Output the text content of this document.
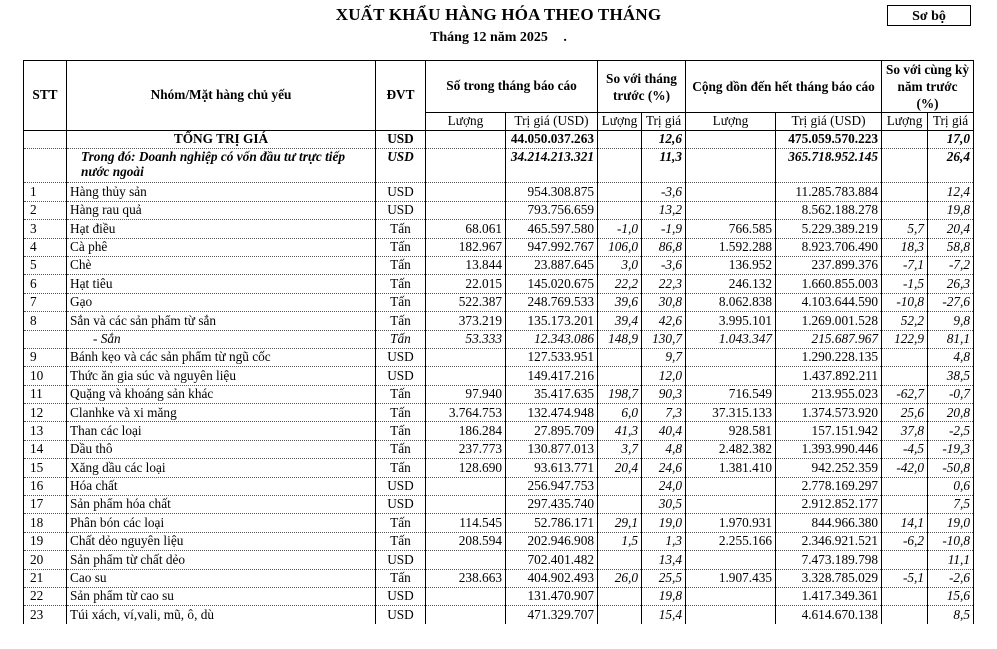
XUẤT KHẨU HÀNG HÓA THEO THÁNG
Tháng 12 năm 2025 .
Sơ bộ
STT	Nhóm/Mặt hàng chủ yếu	ĐVT	Số trong tháng báo cáo		So với tháng trước (%)		Cộng dồn đến hết tháng báo cáo		So với cùng kỳ năm trước (%)	
			Lượng	Trị giá (USD)	Lượng	Trị giá	Lượng	Trị giá (USD)	Lượng	Trị giá
	TỔNG TRỊ GIÁ	USD		44.050.037.263		12,6		475.059.570.223		17,0
	Trong đó: Doanh nghiệp có vốn đầu tư trực tiếp nước ngoài	USD		34.214.213.321		11,3		365.718.952.145		26,4
1	Hàng thủy sản	USD		954.308.875		-3,6		11.285.783.884		12,4
2	Hàng rau quả	USD		793.756.659		13,2		8.562.188.278		19,8
3	Hạt điều	Tấn	68.061	465.597.580	-1,0	-1,9	766.585	5.229.389.219	5,7	20,4
4	Cà phê	Tấn	182.967	947.992.767	106,0	86,8	1.592.288	8.923.706.490	18,3	58,8
5	Chè	Tấn	13.844	23.887.645	3,0	-3,6	136.952	237.899.376	-7,1	-7,2
6	Hạt tiêu	Tấn	22.015	145.020.675	22,2	22,3	246.132	1.660.855.003	-1,5	26,3
7	Gạo	Tấn	522.387	248.769.533	39,6	30,8	8.062.838	4.103.644.590	-10,8	-27,6
8	Sắn và các sản phẩm từ sắn	Tấn	373.219	135.173.201	39,4	42,6	3.995.101	1.269.001.528	52,2	9,8
	- Sắn	Tấn	53.333	12.343.086	148,9	130,7	1.043.347	215.687.967	122,9	81,1
9	Bánh kẹo và các sản phẩm từ ngũ cốc	USD		127.533.951		9,7		1.290.228.135		4,8
10	Thức ăn gia súc và nguyên liệu	USD		149.417.216		12,0		1.437.892.211		38,5
11	Quặng và khoáng sản khác	Tấn	97.940	35.417.635	198,7	90,3	716.549	213.955.023	-62,7	-0,7
12	Clanhke và xi măng	Tấn	3.764.753	132.474.948	6,0	7,3	37.315.133	1.374.573.920	25,6	20,8
13	Than các loại	Tấn	186.284	27.895.709	41,3	40,4	928.581	157.151.942	37,8	-2,5
14	Dầu thô	Tấn	237.773	130.877.013	3,7	4,8	2.482.382	1.393.990.446	-4,5	-19,3
15	Xăng dầu các loại	Tấn	128.690	93.613.771	20,4	24,6	1.381.410	942.252.359	-42,0	-50,8
16	Hóa chất	USD		256.947.753		24,0		2.778.169.297		0,6
17	Sản phẩm hóa chất	USD		297.435.740		30,5		2.912.852.177		7,5
18	Phân bón các loại	Tấn	114.545	52.786.171	29,1	19,0	1.970.931	844.966.380	14,1	19,0
19	Chất dẻo nguyên liệu	Tấn	208.594	202.946.908	1,5	1,3	2.255.166	2.346.921.521	-6,2	-10,8
20	Sản phẩm từ chất dẻo	USD		702.401.482		13,4		7.473.189.798		11,1
21	Cao su	Tấn	238.663	404.902.493	26,0	25,5	1.907.435	3.328.785.029	-5,1	-2,6
22	Sản phẩm từ cao su	USD		131.470.907		19,8		1.417.349.361		15,6
23	Túi xách, ví,vali, mũ, ô, dù	USD		471.329.707		15,4		4.614.670.138		8,5
